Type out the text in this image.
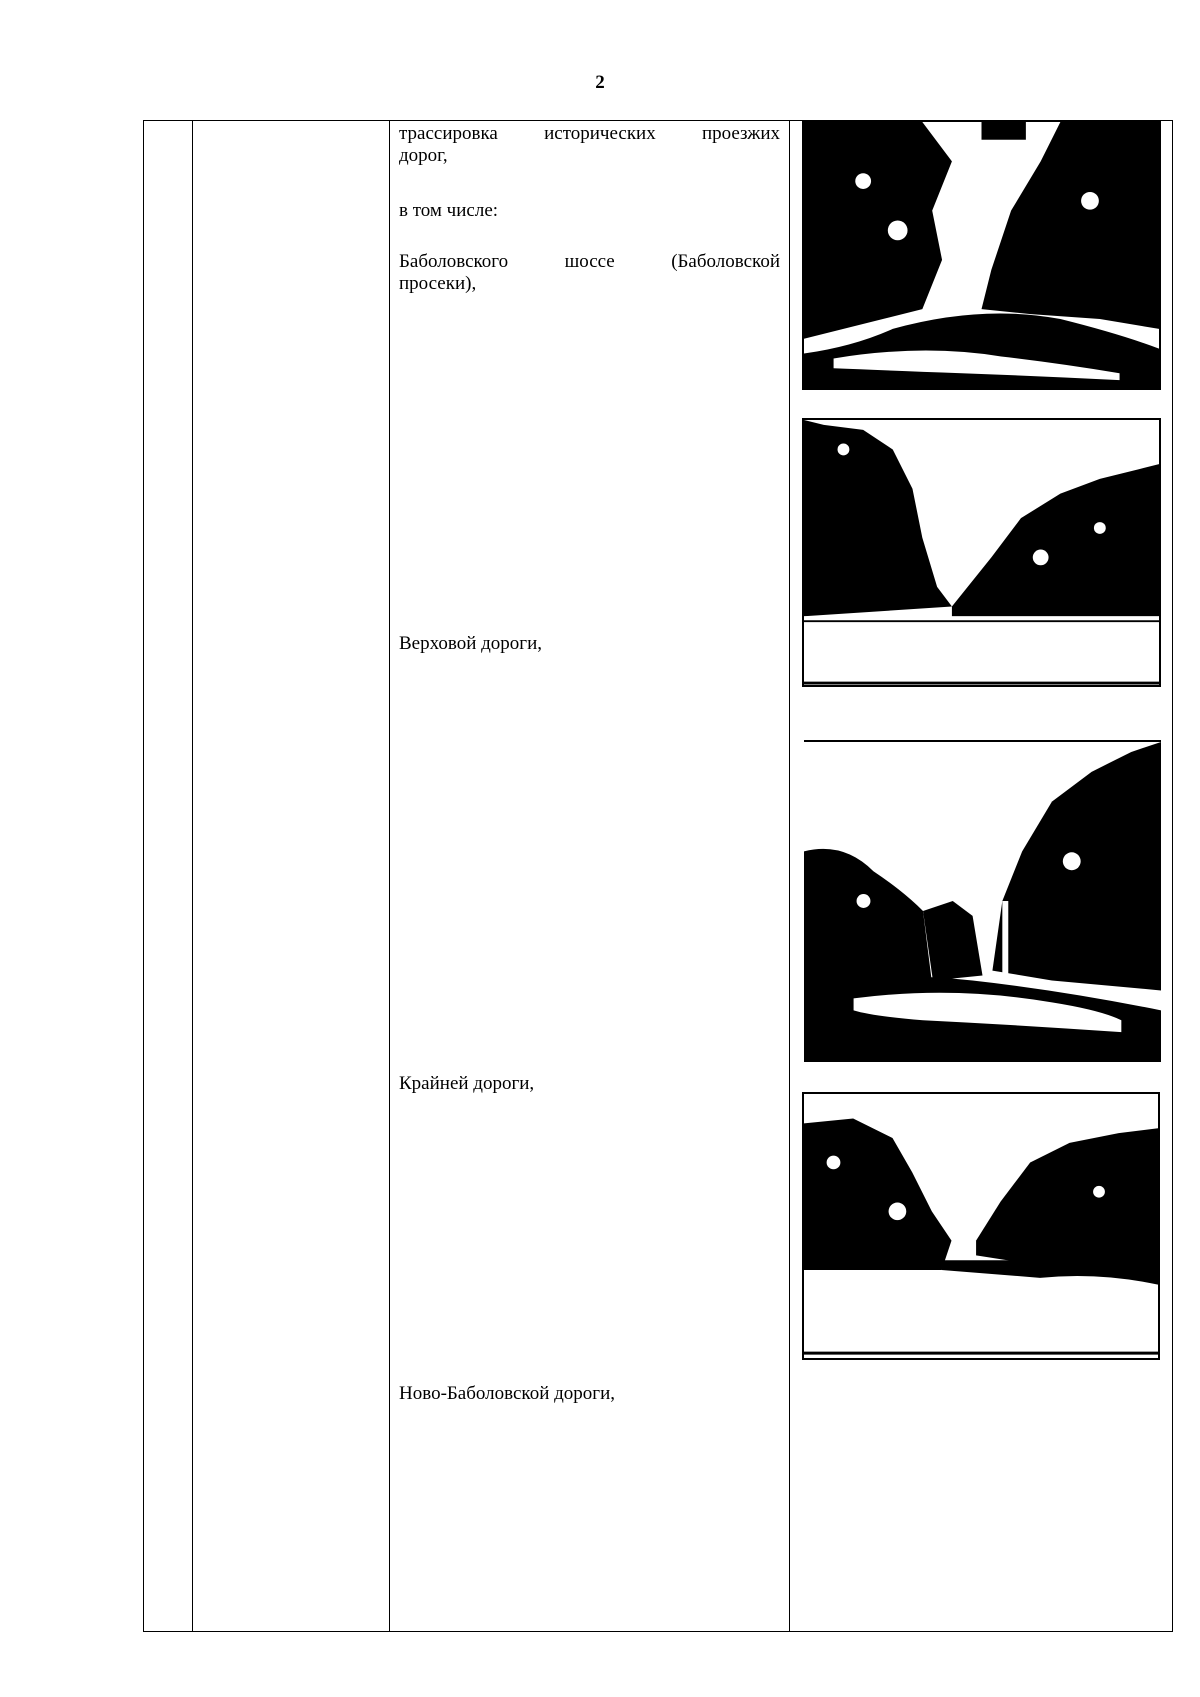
2
трассировка исторических проезжих
дорог,
в том числе:
Баболовского шоссе (Баболовской
просеки),
Верховой дороги,
Крайней дороги,
Ново-Баболовской дороги,
